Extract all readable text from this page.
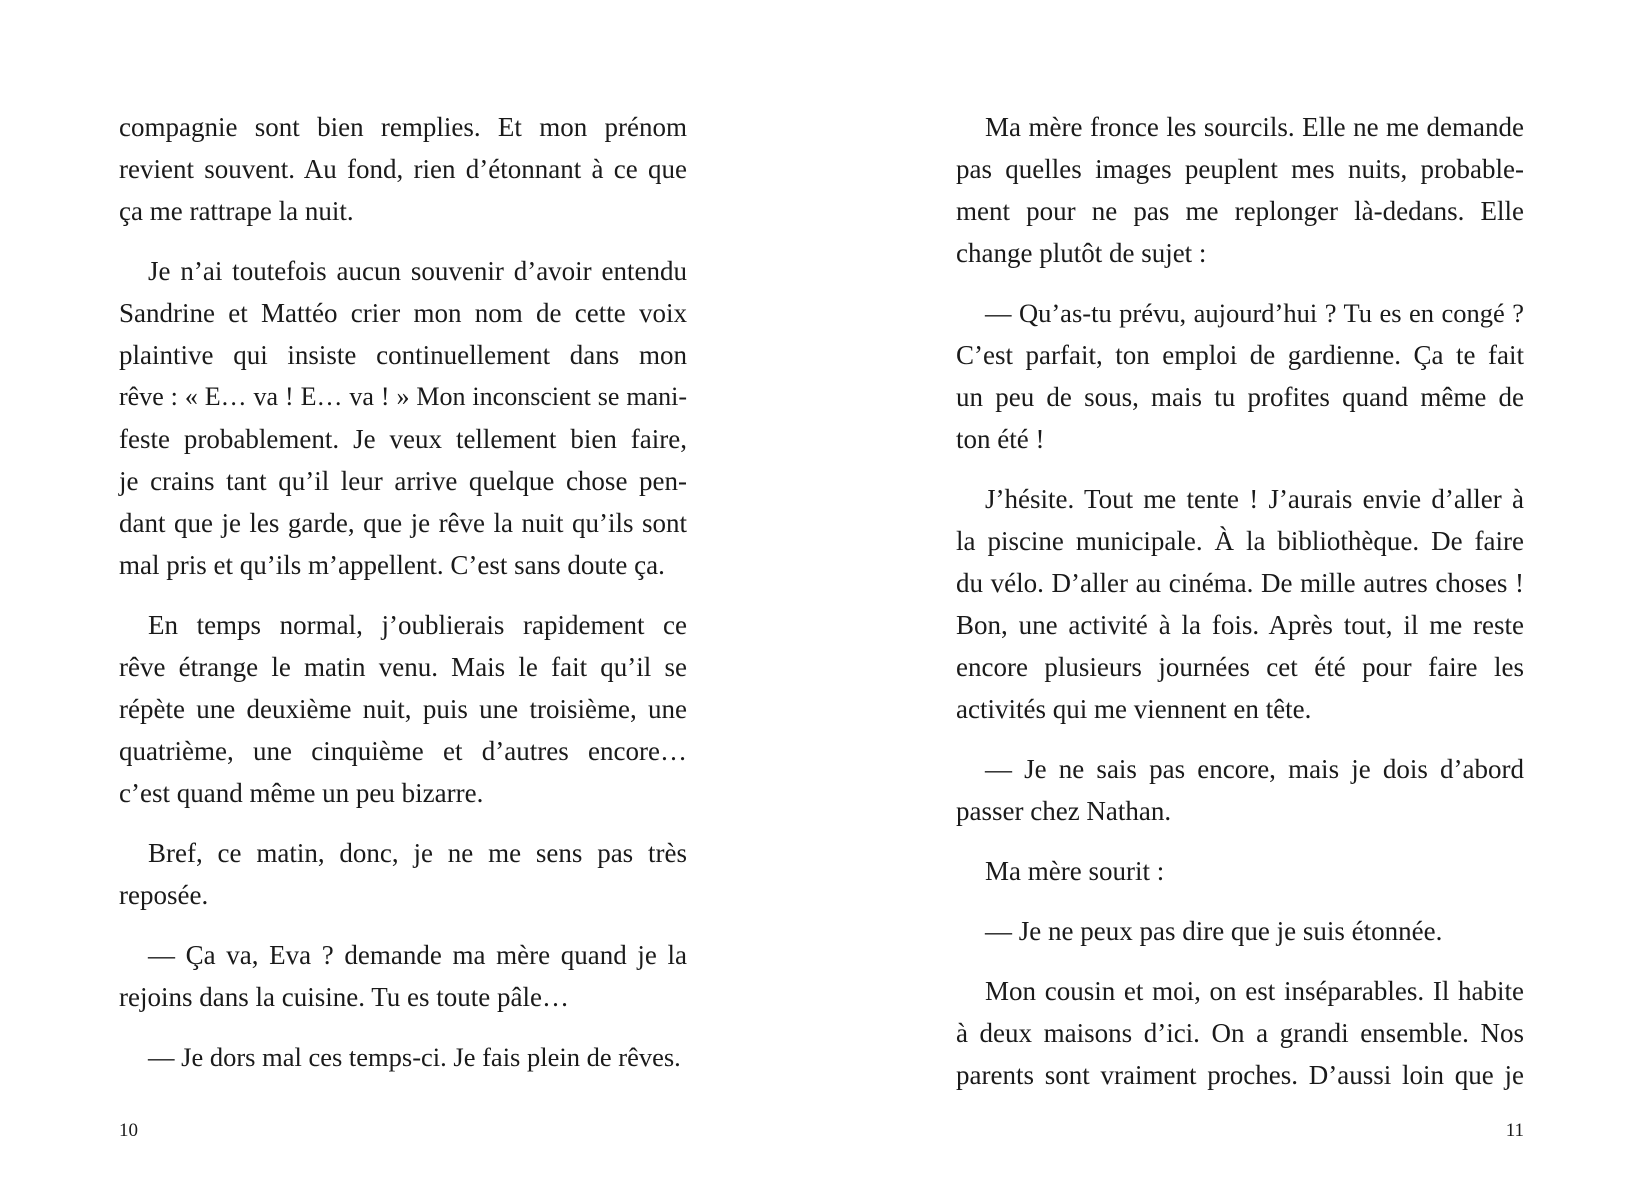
compagnie sont bien remplies. Et mon prénom
revient souvent. Au fond, rien d’étonnant à ce que
ça me rattrape la nuit.
Je n’ai toutefois aucun souvenir d’avoir entendu
Sandrine et Mattéo crier mon nom de cette voix
plaintive qui insiste continuellement dans mon
rêve : « E… va ! E… va ! » Mon inconscient se mani-
feste probablement. Je veux tellement bien faire,
je crains tant qu’il leur arrive quelque chose pen-
dant que je les garde, que je rêve la nuit qu’ils sont
mal pris et qu’ils m’appellent. C’est sans doute ça.
En temps normal, j’oublierais rapidement ce
rêve étrange le matin venu. Mais le fait qu’il se
répète une deuxième nuit, puis une troisième, une
quatrième, une cinquième et d’autres encore…
c’est quand même un peu bizarre.
Bref, ce matin, donc, je ne me sens pas très
reposée.
— Ça va, Eva ? demande ma mère quand je la
rejoins dans la cuisine. Tu es toute pâle…
— Je dors mal ces temps-ci. Je fais plein de rêves.
10
Ma mère fronce les sourcils. Elle ne me demande
pas quelles images peuplent mes nuits, probable-
ment pour ne pas me replonger là-dedans. Elle
change plutôt de sujet :
— Qu’as-tu prévu, aujourd’hui ? Tu es en congé ?
C’est parfait, ton emploi de gardienne. Ça te fait
un peu de sous, mais tu profites quand même de
ton été !
J’hésite. Tout me tente ! J’aurais envie d’aller à
la piscine municipale. À la bibliothèque. De faire
du vélo. D’aller au cinéma. De mille autres choses !
Bon, une activité à la fois. Après tout, il me reste
encore plusieurs journées cet été pour faire les
activités qui me viennent en tête.
— Je ne sais pas encore, mais je dois d’abord
passer chez Nathan.
Ma mère sourit :
— Je ne peux pas dire que je suis étonnée.
Mon cousin et moi, on est inséparables. Il habite
à deux maisons d’ici. On a grandi ensemble. Nos
parents sont vraiment proches. D’aussi loin que je
11
